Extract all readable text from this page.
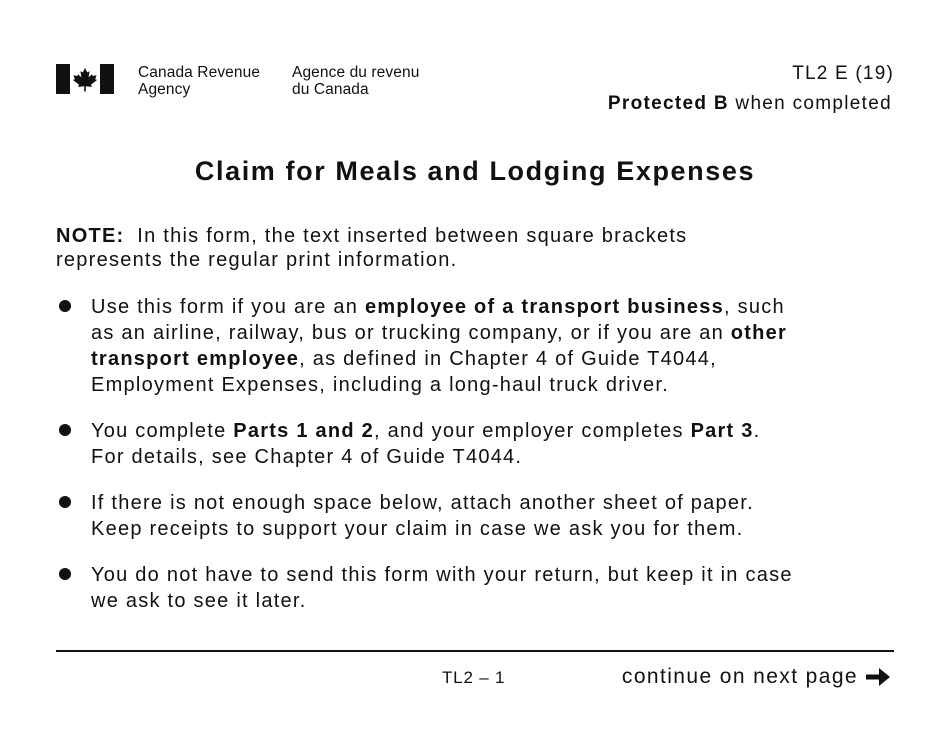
Canada Revenue
Agency
Agence du revenu
du Canada
TL2 E (19)
Protected B when completed
Claim for Meals and Lodging Expenses
NOTE: In this form, the text inserted between square brackets
represents the regular print information.
Use this form if you are an employee of a transport business, such
as an airline, railway, bus or trucking company, or if you are an other
transport employee, as defined in Chapter 4 of Guide T4044,
Employment Expenses, including a long-haul truck driver.
You complete Parts 1 and 2, and your employer completes Part 3.
For details, see Chapter 4 of Guide T4044.
If there is not enough space below, attach another sheet of paper.
Keep receipts to support your claim in case we ask you for them.
You do not have to send this form with your return, but keep it in case
we ask to see it later.
TL2 – 1	continue on next page
